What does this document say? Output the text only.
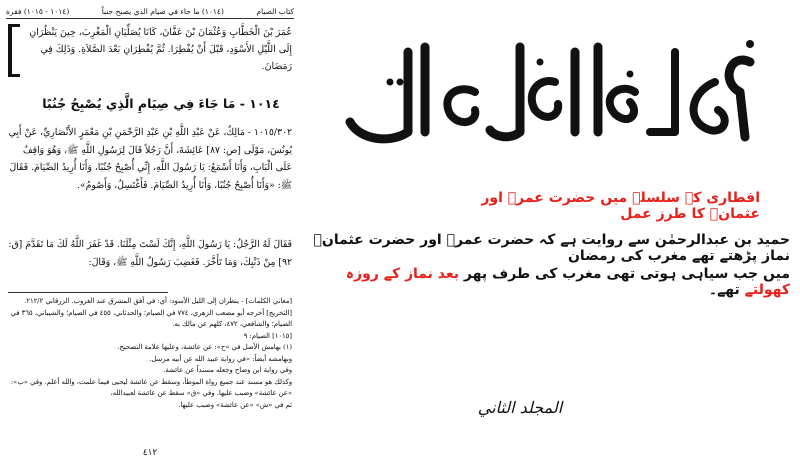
كتاب الصيام
(١٠١٤) ما جاء في صيام الذي يصبح جنباً
(١٠١٤ - ١٠١٥) فقرة
عُمَرَ بْنَ الْخَطَّابِ وَعُثْمَانَ بْنَ عَفَّانَ، كَانَا يُصَلِّيَانِ الْمَغْرِبَ، حِينَ يَنْظُرَانِ إِلَى اللَّيْلِ الأَسْوَدِ، قَبْلَ أَنْ يُفْطِرَا. ثُمَّ يُفْطِرَانِ بَعْدَ الصَّلاَةِ. وَذَلِكَ فِي رَمَضَانَ.
١٠١٤ - مَا جَاءَ فِي صِيَامِ الَّذِي يُصْبِحُ جُنُبًا
١٠١٥/٣٠٢ - مَالِكٌ، عَنْ عَبْدِ اللَّهِ بْنِ عَبْدِ الرَّحْمَنِ بْنِ مَعْمَرٍ الأَنْصَارِيِّ، عَنْ أَبِي يُونُسَ، مَوْلَى [ص: ٨٧] عَائِشَةَ، أَنَّ رَجُلاً قَالَ لِرَسُولِ اللَّهِ ﷺ، وَهُوَ وَاقِفٌ عَلَى الْبَابِ، وَأَنَا أَسْمَعُ: يَا رَسُولَ اللَّهِ، إِنِّي أُصْبِحُ جُنُبًا، وَأَنَا أُرِيدُ الصِّيَامَ. فَقَالَ ﷺ: «وَأَنَا أُصْبِحُ جُنُبًا، وَأَنَا أُرِيدُ الصِّيَامَ. فَأَغْتَسِلُ، وَأَصُومُ».
فَقَالَ لَهُ الرَّجُلُ: يَا رَسُولَ اللَّهِ، إِنَّكَ لَسْتَ مِثْلَنَا. قَدْ غَفَرَ اللَّهُ لَكَ مَا تَقَدَّمَ [ق: ٩٢] مِنْ ذَنْبِكَ، وَمَا تَأَخَّرَ. فَغَضِبَ رَسُولُ اللَّهِ ﷺ، وَقَالَ:
[معاني الكلمات] - ينظران إلى الليل الأسود: أي: في أفق المشرق عند الغروب. الزرقاني ٢١٢/٢.
[التخريج] أخرجه أبو مصعب الزهري، ٧٧٤ في الصيام؛ والحدثاني، ٤٥٥ في الصيام؛ والشيباني، ٣٦٥ في الصيام؛ والشافعي، ٤٧٢، كلهم عن مالك به.
[١٠١٥] الصيام: ٩
(١) بهامش الأصل في «ح»: عن عائشة، وعليها علامة التصحيح.
وبهامشه أيضاً: «في رواية عبيد الله عن أبيه مرسل.
وفي رواية ابن وضاح وجعله مسنداً عن عائشة.
وكذلك هو مسند عند جميع رواة الموطأ، وسقط عن عائشة ليحيى فيما علمت، والله أعلم. وفي «ب»: «عن عائشة» وضبب عليها. وفي «ق» سقط عن عائشة لعبيدالله،
ثم في «ش» «عن عائشة» وضبب عليها.
٤١٢
افطاری کے سلسلے میں حضرت عمرؓ اور عثمانؓ کا طرز عمل
حمید بن عبدالرحمٰن سے روایت ہے کہ حضرت عمرؓ اور حضرت عثمانؓ نماز پڑھتے تھے مغرب کی رمضان
میں جب سیاہی ہوتی تھی مغرب کی طرف پھر بعد نماز کے روزہ کھولتے تھے۔
المجلد الثاني
